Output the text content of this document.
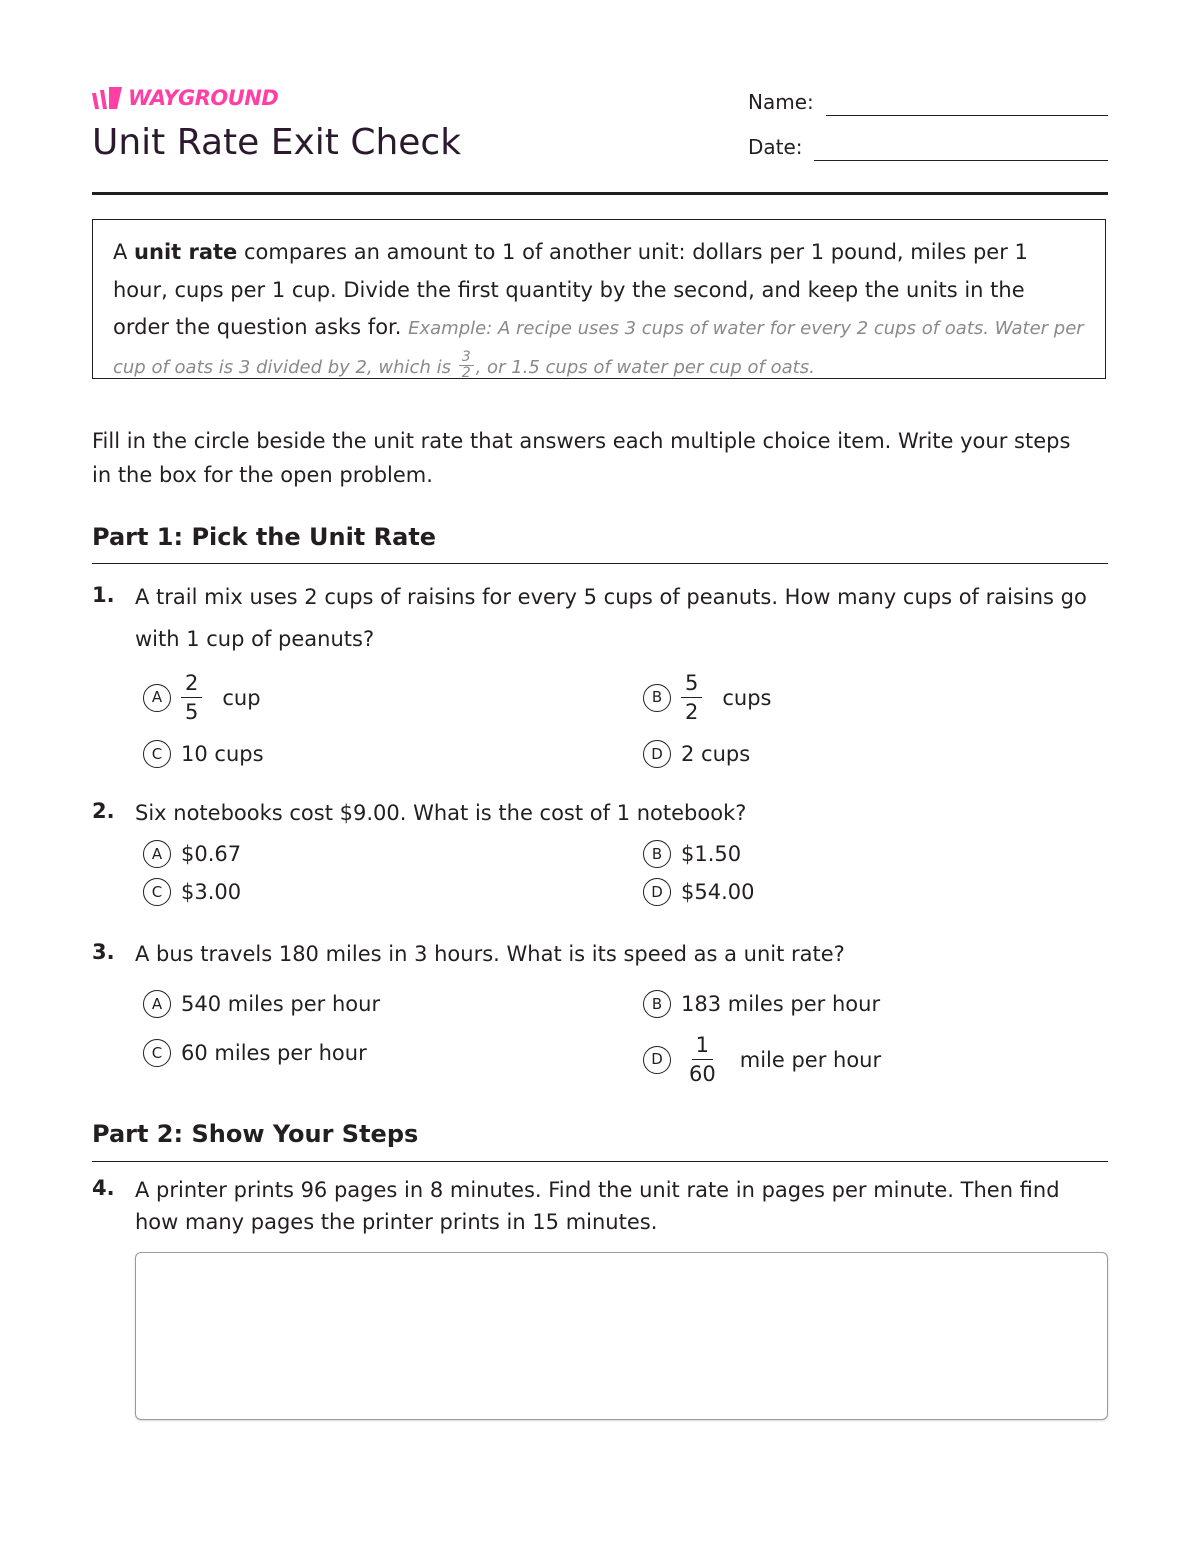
WAYGROUND
Unit Rate Exit Check
Name:
Date:
A unit rate compares an amount to 1 of another unit: dollars per 1 pound, miles per 1 hour, cups per 1 cup. Divide the first quantity by the second, and keep the units in the order the question asks for. Example: A recipe uses 3 cups of water for every 2 cups of oats. Water per cup of oats is 3 divided by 2, which is $\frac{3}{2}$ , or 1.5 cups of water per cup of oats.
Fill in the circle beside the unit rate that answers each multiple choice item. Write your steps in the box for the open problem.
Part 1: Pick the Unit Rate
1. A trail mix uses 2 cups of raisins for every 5 cups of peanuts. How many cups of raisins go with 1 cup of peanuts?
A $\frac{2}{5}$ cup	B $\frac{5}{2}$ cups
C 10 cups	D 2 cups
2. Six notebooks cost $9.00. What is the cost of 1 notebook?
A $0.67	B $1.50
C $3.00	D $54.00
3. A bus travels 180 miles in 3 hours. What is its speed as a unit rate?
A 540 miles per hour	B 183 miles per hour
C 60 miles per hour	D	$\frac{1}{60}$ mile per hour
Part 2: Show Your Steps
4. A printer prints 96 pages in 8 minutes. Find the unit rate in pages per minute. Then find how many pages the printer prints in 15 minutes.
